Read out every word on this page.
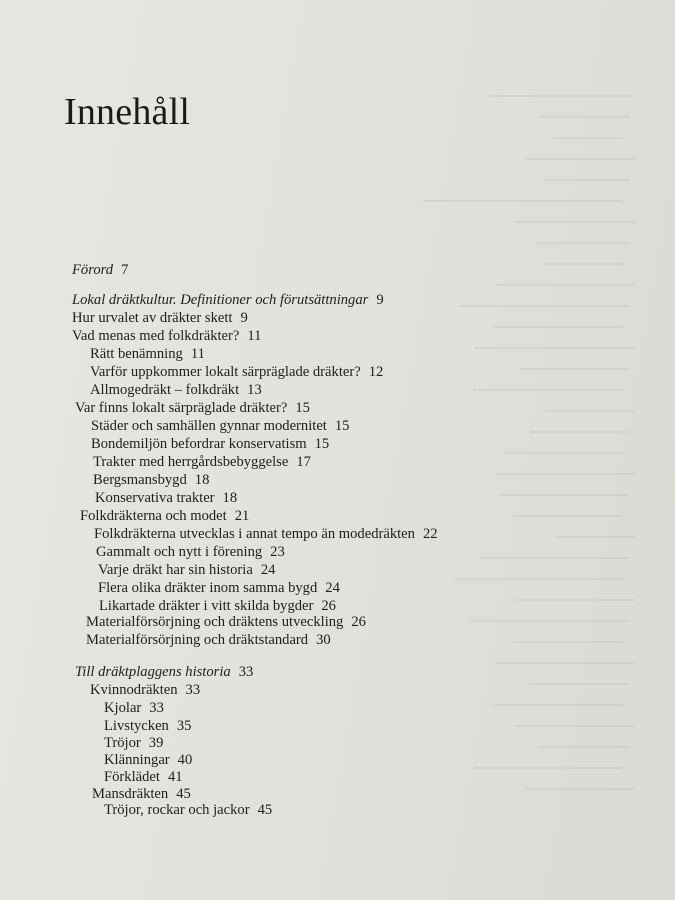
Innehåll
Förord 7
Lokal dräktkultur. Definitioner och förutsättningar 9
Hur urvalet av dräkter skett 9
Vad menas med folkdräkter? 11
Rätt benämning 11
Varför uppkommer lokalt särpräglade dräkter? 12
Allmogedräkt – folkdräkt 13
Var finns lokalt särpräglade dräkter? 15
Städer och samhällen gynnar modernitet 15
Bondemiljön befordrar konservatism 15
Trakter med herrgårdsbebyggelse 17
Bergsmansbygd 18
Konservativa trakter 18
Folkdräkterna och modet 21
Folkdräkterna utvecklas i annat tempo än modedräkten 22
Gammalt och nytt i förening 23
Varje dräkt har sin historia 24
Flera olika dräkter inom samma bygd 24
Likartade dräkter i vitt skilda bygder 26
Materialförsörjning och dräktens utveckling 26
Materialförsörjning och dräktstandard 30
Till dräktplaggens historia 33
Kvinnodräkten 33
Kjolar 33
Livstycken 35
Tröjor 39
Klänningar 40
Förklädet 41
Mansdräkten 45
Tröjor, rockar och jackor 45
